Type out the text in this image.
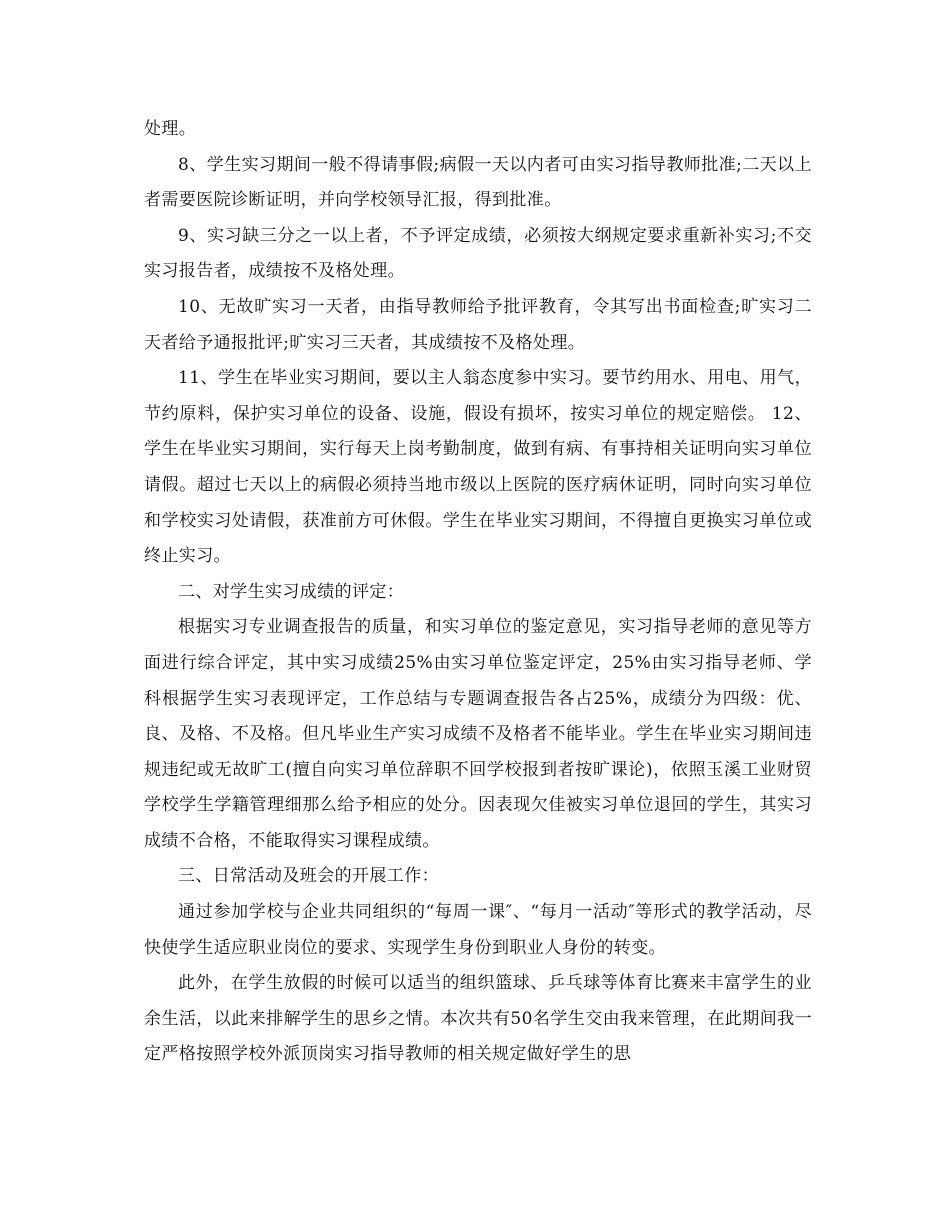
处理。

8、学生实习期间一般不得请事假;病假一天以内者可由实习指导教师批准;二天以上者需要医院诊断证明，并向学校领导汇报，得到批准。

9、实习缺三分之一以上者，不予评定成绩，必须按大纲规定要求重新补实习;不交实习报告者，成绩按不及格处理。

10、无故旷实习一天者，由指导教师给予批评教育，令其写出书面检查;旷实习二天者给予通报批评;旷实习三天者，其成绩按不及格处理。

11、学生在毕业实习期间，要以主人翁态度参中实习。要节约用水、用电、用气，节约原料，保护实习单位的设备、设施，假设有损坏，按实习单位的规定赔偿。 12、学生在毕业实习期间，实行每天上岗考勤制度，做到有病、有事持相关证明向实习单位请假。超过七天以上的病假必须持当地市级以上医院的医疗病休证明，同时向实习单位和学校实习处请假，获准前方可休假。学生在毕业实习期间，不得擅自更换实习单位或终止实习。

二、对学生实习成绩的评定：

根据实习专业调查报告的质量，和实习单位的鉴定意见，实习指导老师的意见等方面进行综合评定，其中实习成绩25%由实习单位鉴定评定，25%由实习指导老师、学科根据学生实习表现评定，工作总结与专题调查报告各占25%，成绩分为四级：优、良、及格、不及格。但凡毕业生产实习成绩不及格者不能毕业。学生在毕业实习期间违规违纪或无故旷工(擅自向实习单位辞职不回学校报到者按旷课论)，依照玉溪工业财贸学校学生学籍管理细那么给予相应的处分。因表现欠佳被实习单位退回的学生，其实习成绩不合格，不能取得实习课程成绩。

三、日常活动及班会的开展工作：

通过参加学校与企业共同组织的“每周一课″、“每月一活动″等形式的教学活动，尽快使学生适应职业岗位的要求、实现学生身份到职业人身份的转变。

此外，在学生放假的时候可以适当的组织篮球、乒乓球等体育比赛来丰富学生的业余生活，以此来排解学生的思乡之情。本次共有50名学生交由我来管理，在此期间我一定严格按照学校外派顶岗实习指导教师的相关规定做好学生的思
